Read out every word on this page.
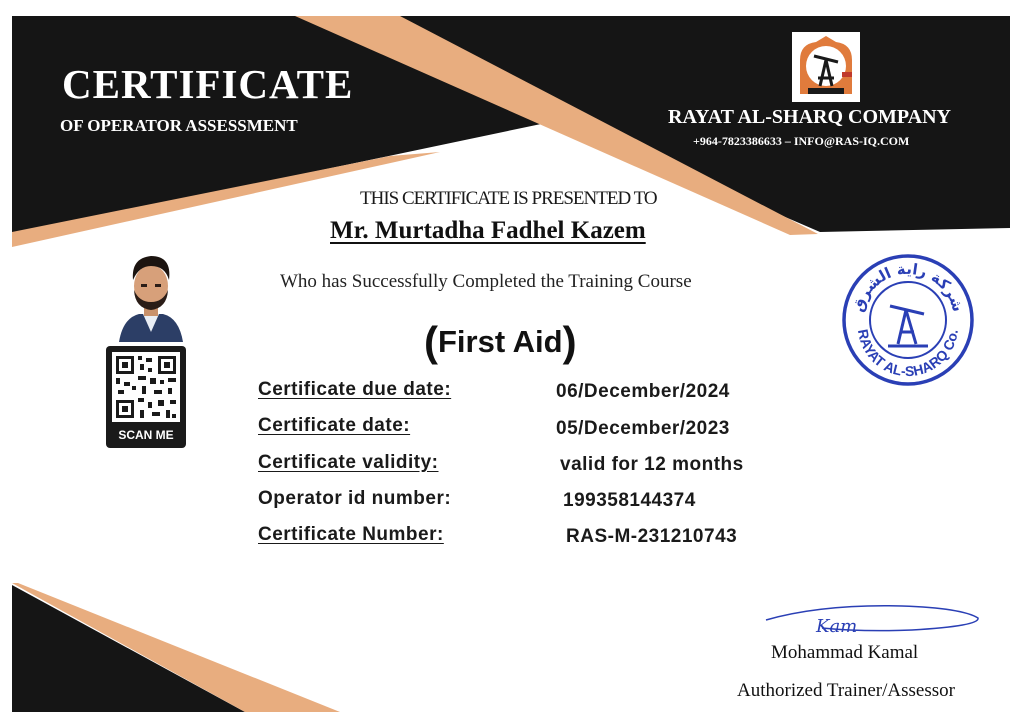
CERTIFICATE
OF OPERATOR ASSESSMENT	RAYAT AL-SHARQ COMPANY
+964-7823386633 – INFO@RAS-IQ.COM
THIS CERTIFICATE IS PRESENTED TO
Mr. Murtadha Fadhel Kazem
Who has Successfully Completed the Training Course
(First Aid)
SCAN ME
Certificate due date:	06/December/2024
Certificate date:	05/December/2023
Certificate validity:	valid for 12 months
Operator id number:	199358144374
Certificate Number:	RAS-M-231210743
شركة راية الشرق
RAYAT AL-SHARQ Co.
Kam
Mohammad Kamal
Authorized Trainer/Assessor
